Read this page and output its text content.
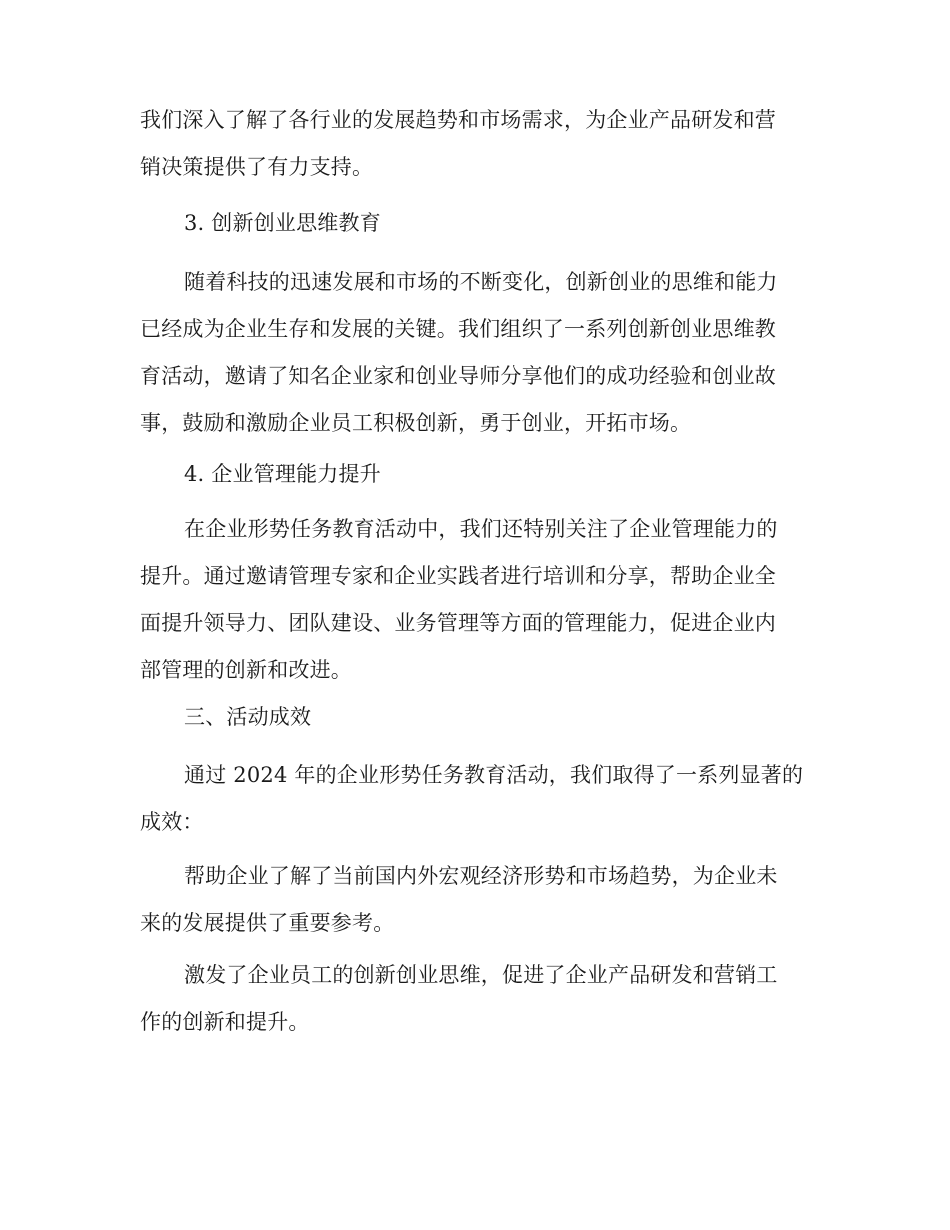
我们深入了解了各行业的发展趋势和市场需求，为企业产品研发和营
销决策提供了有力支持。
3. 创新创业思维教育
随着科技的迅速发展和市场的不断变化，创新创业的思维和能力
已经成为企业生存和发展的关键。我们组织了一系列创新创业思维教
育活动，邀请了知名企业家和创业导师分享他们的成功经验和创业故
事，鼓励和激励企业员工积极创新，勇于创业，开拓市场。
4. 企业管理能力提升
在企业形势任务教育活动中，我们还特别关注了企业管理能力的
提升。通过邀请管理专家和企业实践者进行培训和分享，帮助企业全
面提升领导力、团队建设、业务管理等方面的管理能力，促进企业内
部管理的创新和改进。
三、活动成效
通过 2024 年的企业形势任务教育活动，我们取得了一系列显著的
成效：
帮助企业了解了当前国内外宏观经济形势和市场趋势，为企业未
来的发展提供了重要参考。
激发了企业员工的创新创业思维，促进了企业产品研发和营销工
作的创新和提升。
